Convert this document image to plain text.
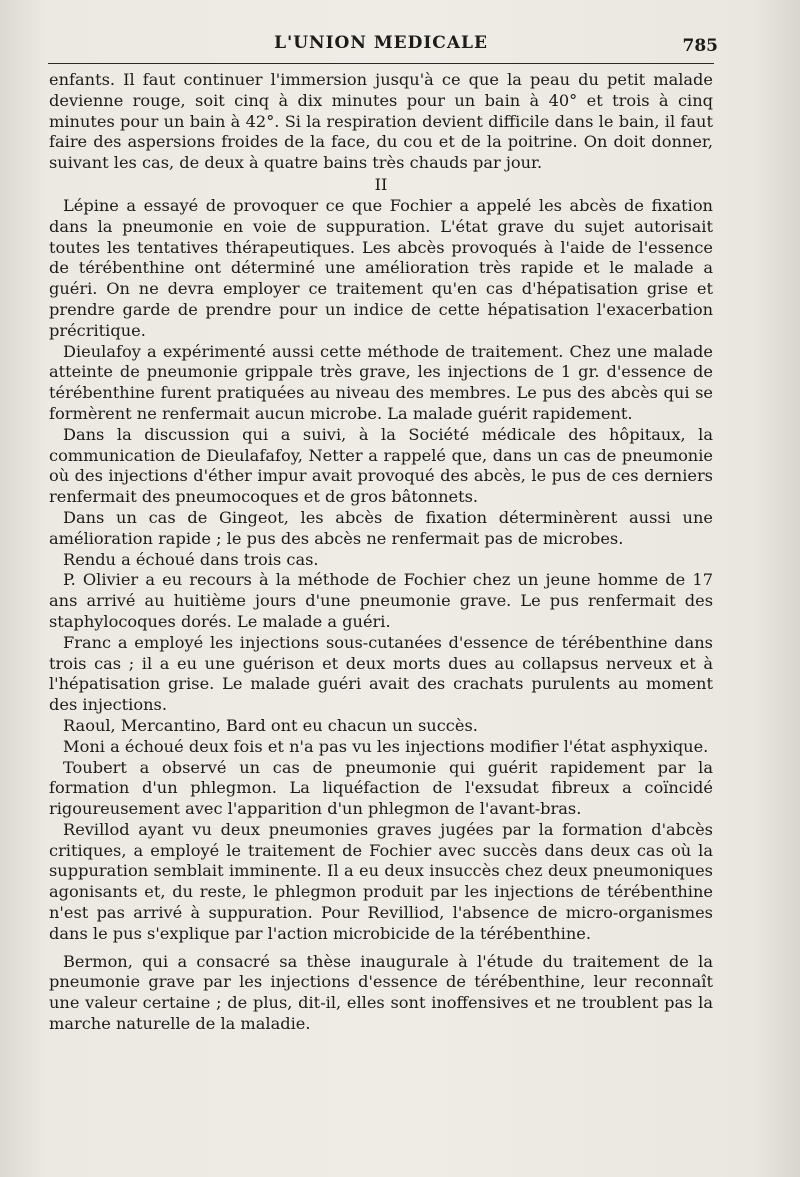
L'UNION MEDICALE	785

enfants. Il faut continuer l'immersion jusqu'à ce que la peau du petit malade devienne rouge, soit cinq à dix minutes pour un bain à 40° et trois à cinq minutes pour un bain à 42°. Si la respiration devient difficile dans le bain, il faut faire des aspersions froides de la face, du cou et de la poitrine. On doit donner, suivant les cas, de deux à quatre bains très chauds par jour.

II

Lépine a essayé de provoquer ce que Fochier a appelé les abcès de fixation dans la pneumonie en voie de suppuration. L'état grave du sujet autorisait toutes les tentatives thérapeutiques. Les abcès provoqués à l'aide de l'essence de térébenthine ont déterminé une amélioration très rapide et le malade a guéri. On ne devra employer ce traitement qu'en cas d'hépatisation grise et prendre garde de prendre pour un indice de cette hépatisation l'exacerbation précritique.

Dieulafoy a expérimenté aussi cette méthode de traitement. Chez une malade atteinte de pneumonie grippale très grave, les injections de 1 gr. d'essence de térébenthine furent pratiquées au niveau des membres. Le pus des abcès qui se formèrent ne renfermait aucun microbe. La malade guérit rapidement.

Dans la discussion qui a suivi, à la Société médicale des hôpitaux, la communication de Dieulafafoy, Netter a rappelé que, dans un cas de pneumonie où des injections d'éther impur avait provoqué des abcès, le pus de ces derniers renfermait des pneumocoques et de gros bâtonnets.

Dans un cas de Gingeot, les abcès de fixation déterminèrent aussi une amélioration rapide ; le pus des abcès ne renfermait pas de microbes.

Rendu a échoué dans trois cas.

P. Olivier a eu recours à la méthode de Fochier chez un jeune homme de 17 ans arrivé au huitième jours d'une pneumonie grave. Le pus renfermait des staphylocoques dorés. Le malade a guéri.

Franc a employé les injections sous-cutanées d'essence de térébenthine dans trois cas ; il a eu une guérison et deux morts dues au collapsus nerveux et à l'hépatisation grise. Le malade guéri avait des crachats purulents au moment des injections.

Raoul, Mercantino, Bard ont eu chacun un succès.

Moni a échoué deux fois et n'a pas vu les injections modifier l'état asphyxique.

Toubert a observé un cas de pneumonie qui guérit rapidement par la formation d'un phlegmon. La liquéfaction de l'exsudat fibreux a coïncidé rigoureusement avec l'apparition d'un phlegmon de l'avant-bras.

Revillod ayant vu deux pneumonies graves jugées par la formation d'abcès critiques, a employé le traitement de Fochier avec succès dans deux cas où la suppuration semblait imminente. Il a eu deux insuccès chez deux pneumoniques agonisants et, du reste, le phlegmon produit par les injections de térébenthine n'est pas arrivé à suppuration. Pour Revilliod, l'absence de micro-organismes dans le pus s'explique par l'action microbicide de la térébenthine.

Bermon, qui a consacré sa thèse inaugurale à l'étude du traitement de la pneumonie grave par les injections d'essence de térébenthine, leur reconnaît une valeur certaine ; de plus, dit-il, elles sont inoffensives et ne troublent pas la marche naturelle de la maladie.
